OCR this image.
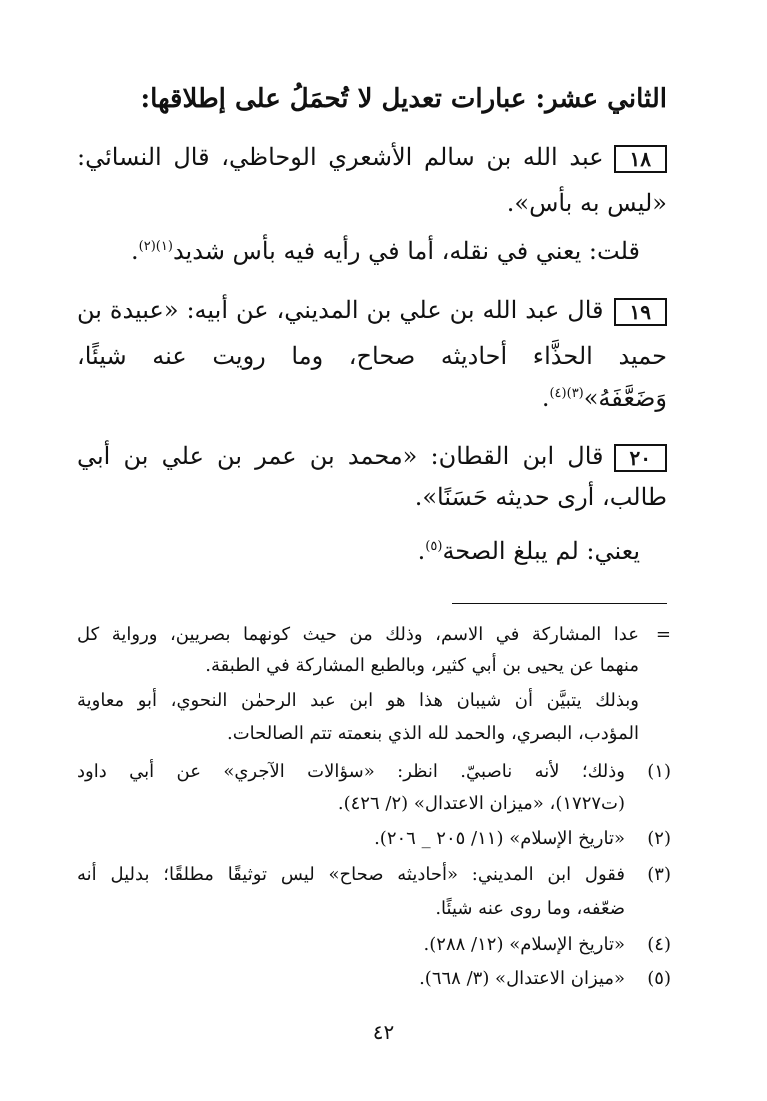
الثاني عشر: عبارات تعديل لا تُحمَلُ على إطلاقها:
١٨عبد الله بن سالم الأشعري الوحاظي، قال النسائي:
«ليس به بأس».
قلت: يعني في نقله، أما في رأيه فيه بأس شديد$^{(١)(٢)}$.
١٩قال عبد الله بن علي بن المديني، عن أبيه: «عبيدة بن
حميد الحذَّاء أحاديثه صحاح، وما رويت عنه شيئًا،
وَضَعَّفَهُ»$^{(٣)(٤)}$.
٢٠قال ابن القطان: «محمد بن عمر بن علي بن أبي
طالب، أرى حديثه حَسَنًا».
يعني: لم يبلغ الصحة$^{(٥)}$.
=
عدا المشاركة في الاسم، وذلك من حيث كونهما بصريين، ورواية كل
منهما عن يحيى بن أبي كثير، وبالطبع المشاركة في الطبقة.
وبذلك يتبيَّن أن شيبان هذا هو ابن عبد الرحمٰن النحوي، أبو معاوية
المؤدب، البصري، والحمد لله الذي بنعمته تتم الصالحات.
(١)
وذلك؛ لأنه ناصبيّ. انظر: «سؤالات الآجري» عن أبي داود
(ت١٧٢٧)، «ميزان الاعتدال» (٢/ ٤٢٦).
(٢)
«تاريخ الإسلام» (١١/ ٢٠٥ _ ٢٠٦).
(٣)
فقول ابن المديني: «أحاديثه صحاح» ليس توثيقًا مطلقًا؛ بدليل أنه
ضعّفه، وما روى عنه شيئًا.
(٤)
«تاريخ الإسلام» (١٢/ ٢٨٨).
(٥)
«ميزان الاعتدال» (٣/ ٦٦٨).
٤٢
